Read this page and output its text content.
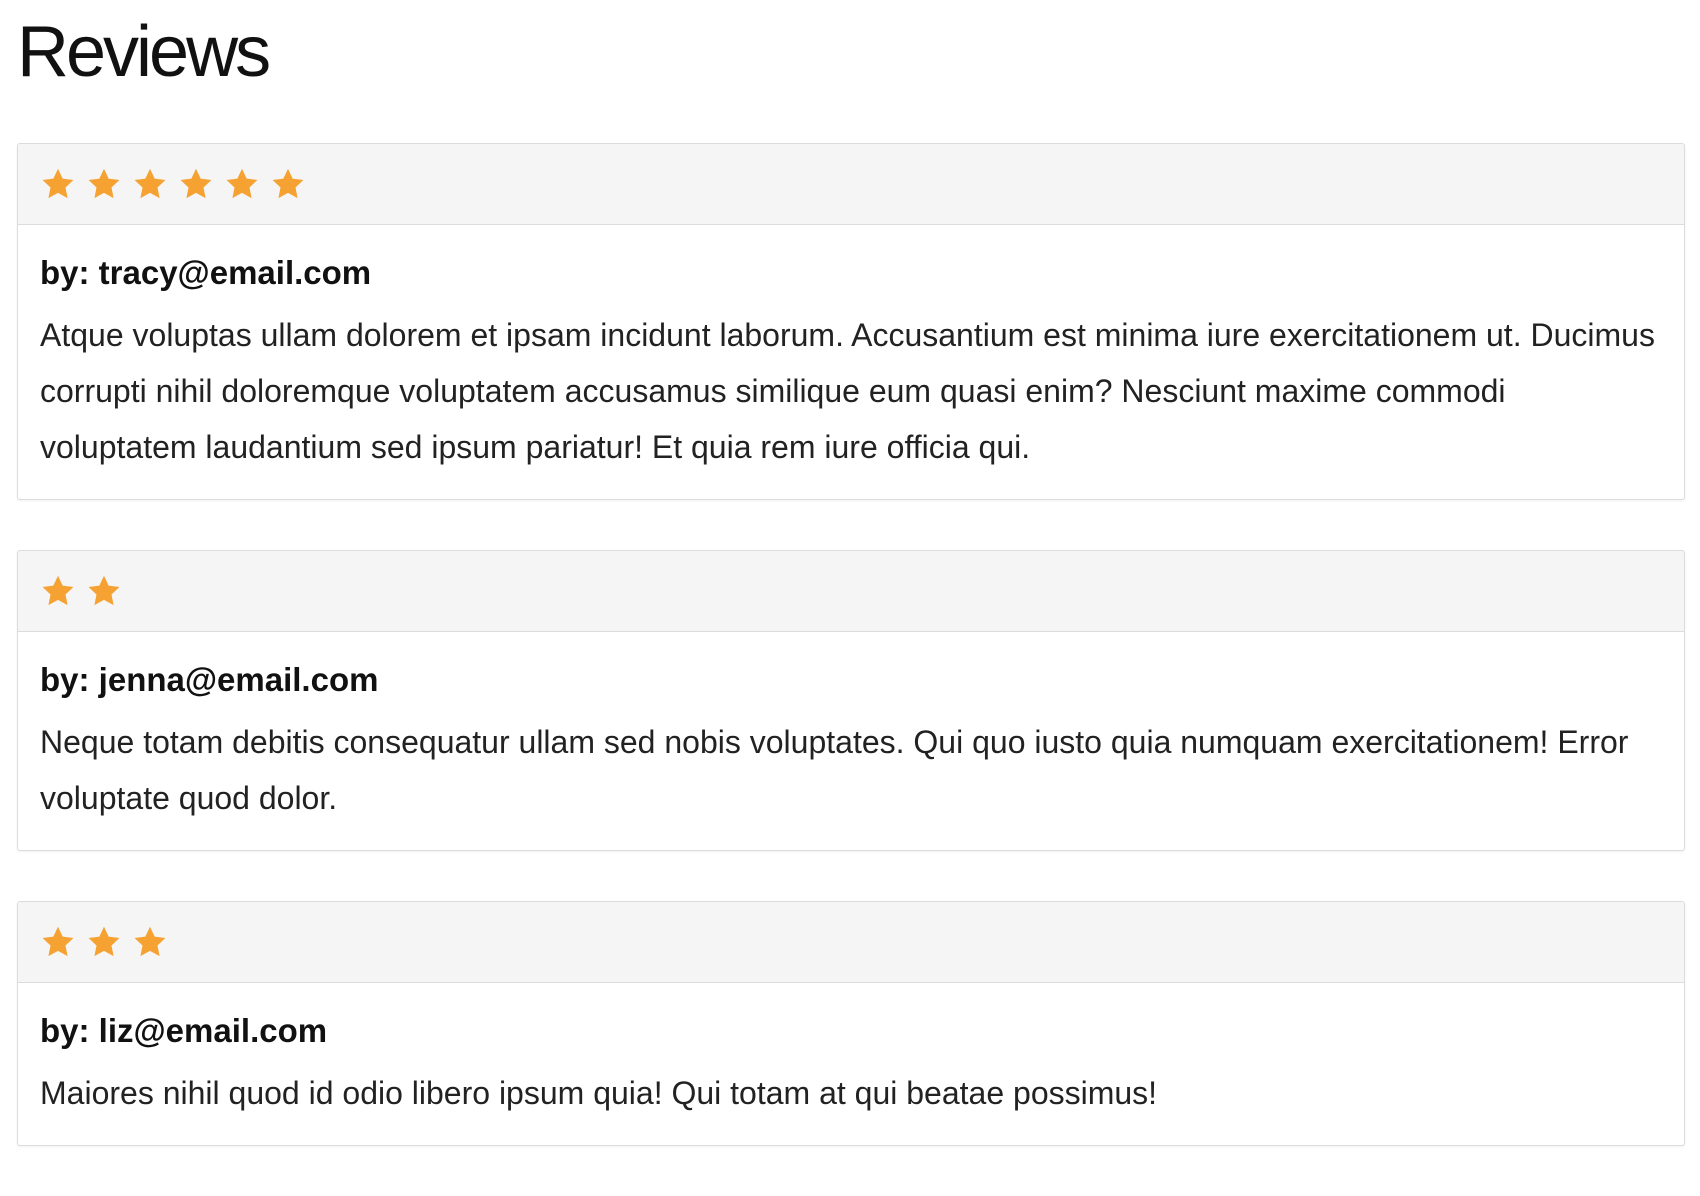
Reviews
by: tracy@email.com

Atque voluptas ullam dolorem et ipsam incidunt laborum. Accusantium est minima iure exercitationem ut. Ducimus corrupti nihil doloremque voluptatem accusamus similique eum quasi enim? Nesciunt maxime commodi voluptatem laudantium sed ipsum pariatur! Et quia rem iure officia qui.

by: jenna@email.com

Neque totam debitis consequatur ullam sed nobis voluptates. Qui quo iusto quia numquam exercitationem! Error voluptate quod dolor.

by: liz@email.com

Maiores nihil quod id odio libero ipsum quia! Qui totam at qui beatae possimus!
